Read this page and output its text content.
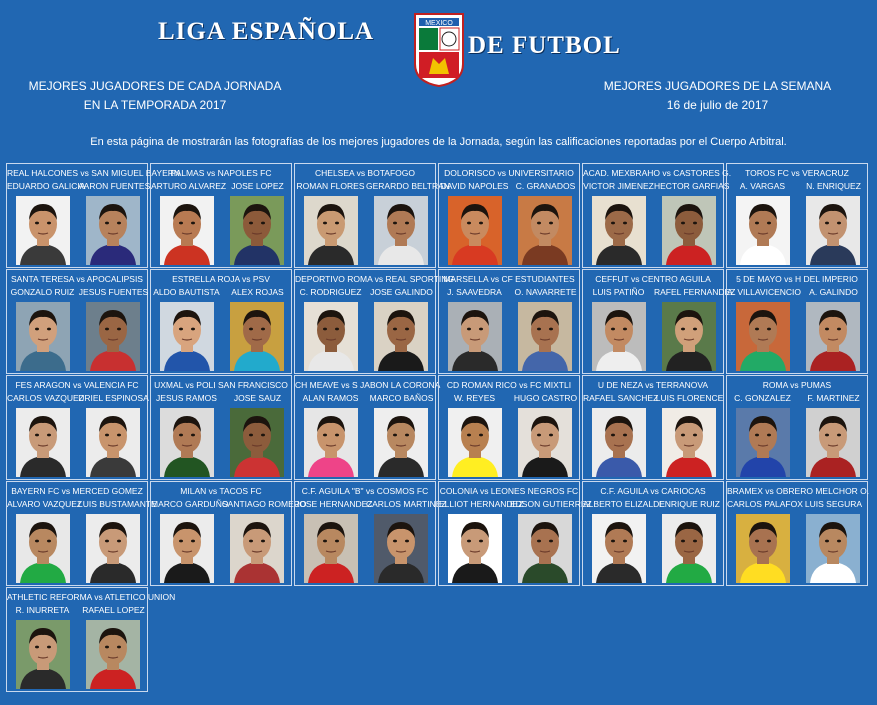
MEXICO
LIGA ESPAÑOLA
DE FUTBOL
MEJORES JUGADORES DE CADA JORNADA
EN LA TEMPORADA 2017
MEJORES JUGADORES DE LA SEMANA
16 de julio de 2017
En esta página de mostrarán las fotografías de los mejores jugadores de la Jornada, según las calificaciones reportadas por el Cuerpo Arbitral.
REAL HALCONES vs SAN MIGUEL BAYERN
EDUARDO GALICIA
AARON FUENTES
PALMAS vs NAPOLES FC
ARTURO ALVAREZ JOSE LOPEZ
CHELSEA vs BOTAFOGO
ROMAN FLORES GERARDO BELTRAN
DOLORISCO vs UNIVERSITARIO
DAVID NAPOLES C. GRANADOS
ACAD. MEXBRAHO vs CASTORES G.
VICTOR JIMENEZ HECTOR GARFIAS
TOROS FC vs VERACRUZ
A. VARGAS	N. ENRIQUEZ
SANTA TERESA vs APOCALIPSIS
GONZALO RUIZ JESUS FUENTES
ESTRELLA ROJA vs PSV
ALDO BAUTISTA	ALEX ROJAS
DEPORTIVO ROMA vs REAL SPORTING
C. RODRIGUEZ	JOSE GALINDO
MARSELLA vs CF ESTUDIANTES
J. SAAVEDRA	O. NAVARRETE
CEFFUT vs CENTRO AGUILA
LUIS PATIÑO	RAFEL FERNANDEZ
5 DE MAYO vs H DEL IMPERIO
A. VILLAVICENCIO A. GALINDO
FES ARAGON vs VALENCIA FC
CARLOS VAZQUEZ
URIEL ESPINOSA
UXMAL vs POLI SAN FRANCISCO
JESUS RAMOS	JOSE SAUZ
CH MEAVE vs S JABON LA CORONA
ALAN RAMOS	MARCO BAÑOS
CD ROMAN RICO vs FC MIXTLI
W. REYES	HUGO CASTRO
U DE NEZA vs TERRANOVA
RAFAEL SANCHEZ
LUIS FLORENCE
ROMA vs PUMAS
C. GONZALEZ	F. MARTINEZ
BAYERN FC vs MERCED GOMEZ
ALVARO VAZQUEZ
LUIS BUSTAMANTE
MILAN vs TACOS FC
MARCO GARDUÑO
SANTIAGO ROMERO
C.F. AGUILA "B" vs COSMOS FC
JOSE HERNANDEZ
CARLOS MARTINEZ
COLONIA vs LEONES NEGROS FC
ELLIOT HERNANDEZ
EDSON GUTIERREZ
C.F. AGUILA vs CARIOCAS
ALBERTO ELIZALDE
ENRIQUE RUIZ
BRAMEX vs OBRERO MELCHOR O.
CARLOS PALAFOX LUIS SEGURA
ATHLETIC REFORMA vs ATLETICO UNION
R. INURRETA	RAFAEL LOPEZ
